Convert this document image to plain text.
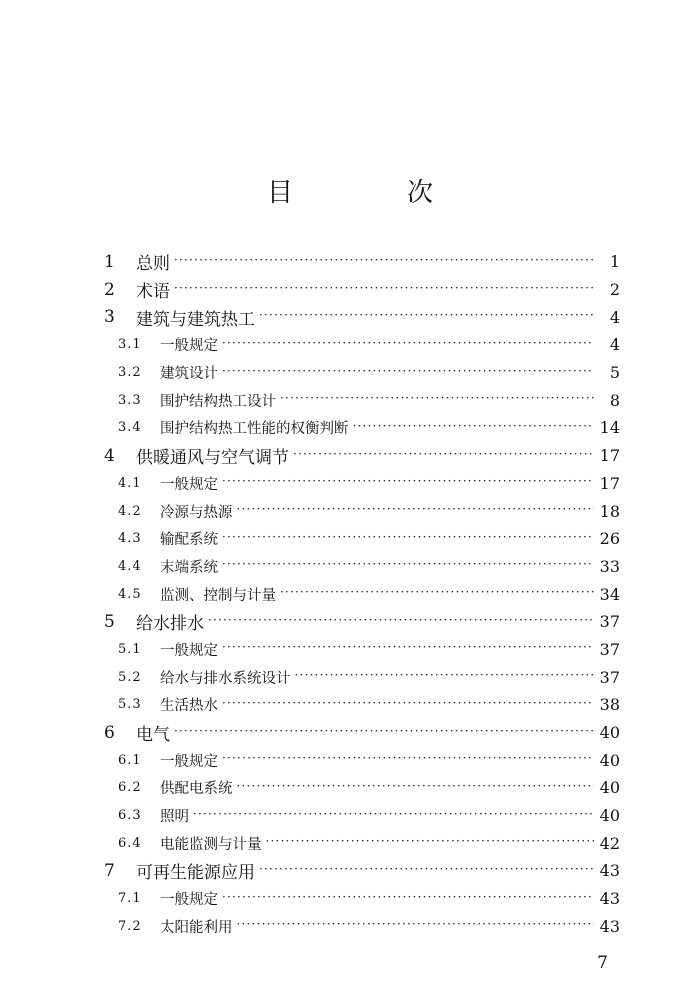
目　次
1	总则 ·····	1
2	术语 ·····	2
3	建筑与建筑热工 ·····	4
3.1	一般规定 ·····	4
3.2	建筑设计 ·····	5
3.3	围护结构热工设计 ·····	8
3.4	围护结构热工性能的权衡判断 ·····	14
4	供暖通风与空气调节 ·····	17
4.1	一般规定 ·····	17
4.2	冷源与热源 ·····	18
4.3	输配系统 ·····	26
4.4	末端系统 ·····	33
4.5	监测、控制与计量 ·····	34
5	给水排水 ·····	37
5.1	一般规定 ·····	37
5.2	给水与排水系统设计 ·····	37
5.3	生活热水 ·····	38
6	电气 ·····	40
6.1	一般规定 ·····	40
6.2	供配电系统 ·····	40
6.3	照明 ·····	40
6.4	电能监测与计量 ·····	42
7	可再生能源应用 ·····	43
7.1	一般规定 ·····	43
7.2	太阳能利用 ·····	43
7
